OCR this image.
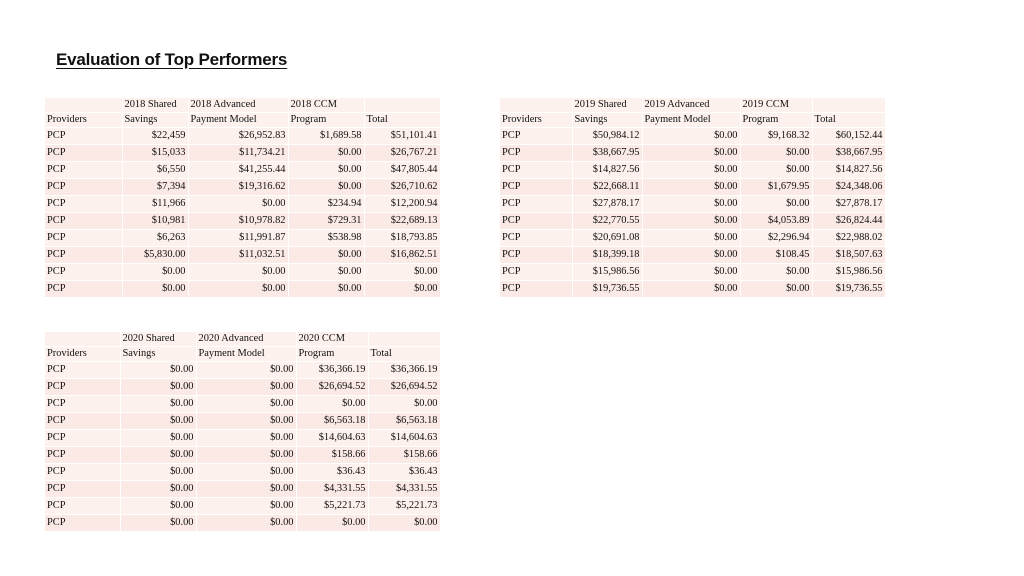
Evaluation of Top Performers
	2018 Shared	2018 Advanced	2018 CCM	
Providers	Savings	Payment Model	Program	Total
PCP	$22,459	$26,952.83	$1,689.58	$51,101.41
PCP	$15,033	$11,734.21	$0.00	$26,767.21
PCP	$6,550	$41,255.44	$0.00	$47,805.44
PCP	$7,394	$19,316.62	$0.00	$26,710.62
PCP	$11,966	$0.00	$234.94	$12,200.94
PCP	$10,981	$10,978.82	$729.31	$22,689.13
PCP	$6,263	$11,991.87	$538.98	$18,793.85
PCP	$5,830.00	$11,032.51	$0.00	$16,862.51
PCP	$0.00	$0.00	$0.00	$0.00
PCP	$0.00	$0.00	$0.00	$0.00
	2019 Shared	2019 Advanced	2019 CCM	
Providers	Savings	Payment Model	Program	Total
PCP	$50,984.12	$0.00	$9,168.32	$60,152.44
PCP	$38,667.95	$0.00	$0.00	$38,667.95
PCP	$14,827.56	$0.00	$0.00	$14,827.56
PCP	$22,668.11	$0.00	$1,679.95	$24,348.06
PCP	$27,878.17	$0.00	$0.00	$27,878.17
PCP	$22,770.55	$0.00	$4,053.89	$26,824.44
PCP	$20,691.08	$0.00	$2,296.94	$22,988.02
PCP	$18,399.18	$0.00	$108.45	$18,507.63
PCP	$15,986.56	$0.00	$0.00	$15,986.56
PCP	$19,736.55	$0.00	$0.00	$19,736.55
	2020 Shared	2020 Advanced	2020 CCM	
Providers	Savings	Payment Model	Program	Total
PCP	$0.00	$0.00	$36,366.19	$36,366.19
PCP	$0.00	$0.00	$26,694.52	$26,694.52
PCP	$0.00	$0.00	$0.00	$0.00
PCP	$0.00	$0.00	$6,563.18	$6,563.18
PCP	$0.00	$0.00	$14,604.63	$14,604.63
PCP	$0.00	$0.00	$158.66	$158.66
PCP	$0.00	$0.00	$36.43	$36.43
PCP	$0.00	$0.00	$4,331.55	$4,331.55
PCP	$0.00	$0.00	$5,221.73	$5,221.73
PCP	$0.00	$0.00	$0.00	$0.00
